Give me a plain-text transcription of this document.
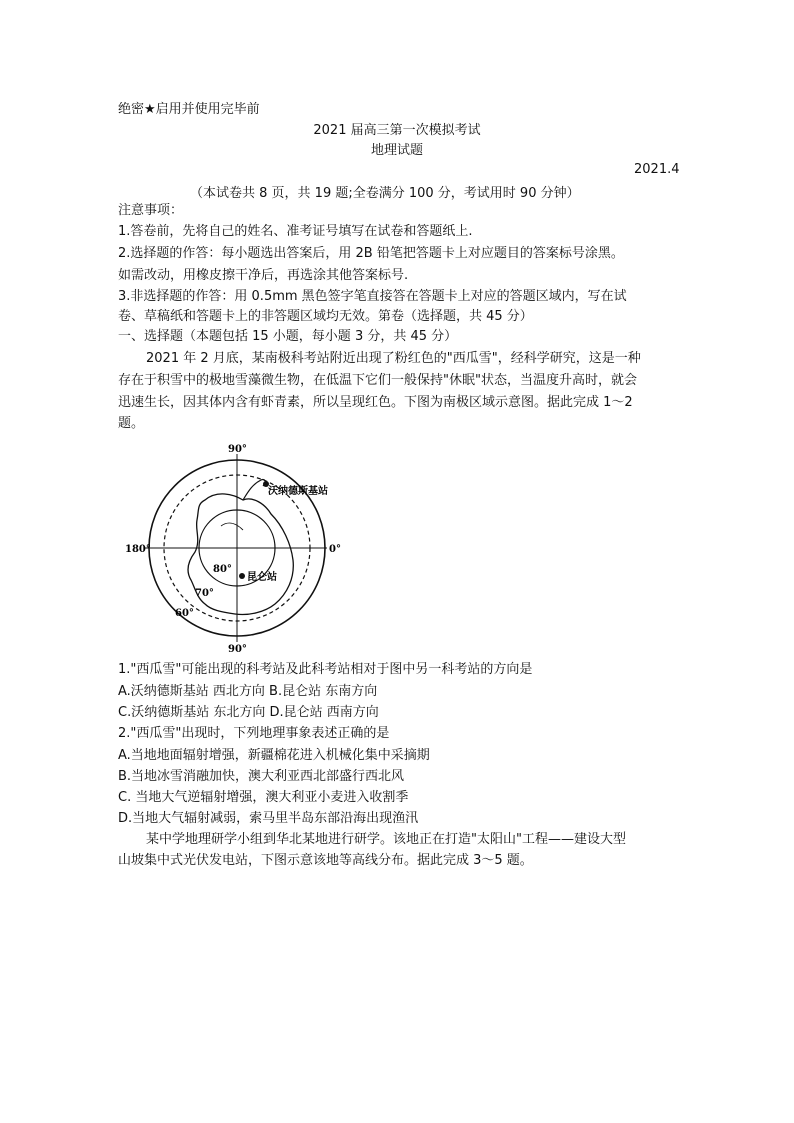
绝密★启用并使用完毕前
2021 届高三第一次模拟考试
地理试题
2021.4
（本试卷共 8 页，共 19 题;全卷满分 100 分，考试用时 90 分钟）
注意事项：
1.答卷前，先将自己的姓名、准考证号填写在试卷和答题纸上.
2.选择题的作答：每小题选出答案后，用 2B 铅笔把答题卡上对应题目的答案标号涂黑。
如需改动，用橡皮擦干净后，再选涂其他答案标号.
3.非选择题的作答：用 0.5mm 黑色签字笔直接答在答题卡上对应的答题区域内，写在试
卷、草稿纸和答题卡上的非答题区域均无效。第卷（选择题，共 45 分）
一、选择题（本题包括 15 小题，每小题 3 分，共 45 分）
2021 年 2 月底，某南极科考站附近出现了粉红色的"西瓜雪"，经科学研究，这是一种
存在于积雪中的极地雪藻微生物，在低温下它们一般保持"休眠"状态，当温度升高时，就会
迅速生长，因其体内含有虾青素，所以呈现红色。下图为南极区域示意图。据此完成 1～2
题。
90°
90°
180°	0°
80°
70°
60°
沃纳德斯基站
昆仑站
1."西瓜雪"可能出现的科考站及此科考站相对于图中另一科考站的方向是
A.沃纳德斯基站 西北方向 B.昆仑站 东南方向
C.沃纳德斯基站 东北方向 D.昆仑站 西南方向
2."西瓜雪"出现时，下列地理事象表述正确的是
A.当地地面辐射增强，新疆棉花进入机械化集中采摘期
B.当地冰雪消融加快，澳大利亚西北部盛行西北风
C. 当地大气逆辐射增强，澳大利亚小麦进入收割季
D.当地大气辐射减弱，索马里半岛东部沿海出现渔汛
某中学地理研学小组到华北某地进行研学。该地正在打造"太阳山"工程——建设大型
山坡集中式光伏发电站，下图示意该地等高线分布。据此完成 3～5 题。
